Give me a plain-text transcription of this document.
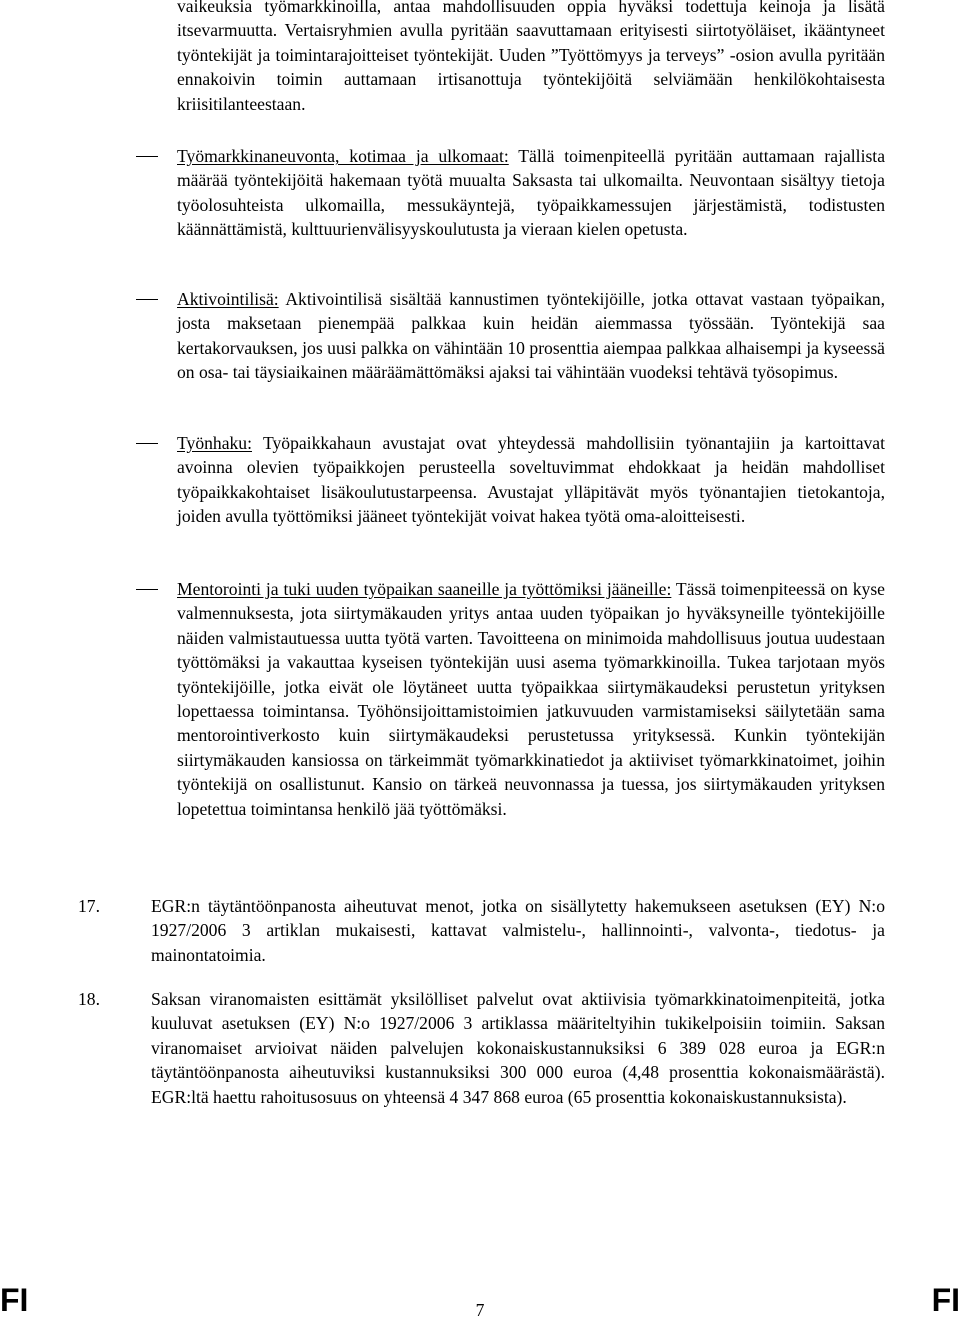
vaikeuksia työmarkkinoilla, antaa mahdollisuuden oppia hyväksi todettuja keinoja ja lisätä itsevarmuutta. Vertaisryhmien avulla pyritään saavuttamaan erityisesti siirtotyöläiset, ikääntyneet työntekijät ja toimintarajoitteiset työntekijät. Uuden ”Työttömyys ja terveys” -osion avulla pyritään ennakoivin toimin auttamaan irtisanottuja työntekijöitä selviämään henkilökohtaisesta kriisitilanteestaan.

Työmarkkinaneuvonta, kotimaa ja ulkomaat: Tällä toimenpiteellä pyritään auttamaan rajallista määrää työntekijöitä hakemaan työtä muualta Saksasta tai ulkomailta. Neuvontaan sisältyy tietoja työolosuhteista ulkomailla, messukäyntejä, työpaikkamessujen järjestämistä, todistusten käännättämistä, kulttuurienvälisyyskoulutusta ja vieraan kielen opetusta.

Aktivointilisä: Aktivointilisä sisältää kannustimen työntekijöille, jotka ottavat vastaan työpaikan, josta maksetaan pienempää palkkaa kuin heidän aiemmassa työssään. Työntekijä saa kertakorvauksen, jos uusi palkka on vähintään 10 prosenttia aiempaa palkkaa alhaisempi ja kyseessä on osa- tai täysiaikainen määräämättömäksi ajaksi tai vähintään vuodeksi tehtävä työsopimus.

Työnhaku: Työpaikkahaun avustajat ovat yhteydessä mahdollisiin työnantajiin ja kartoittavat avoinna olevien työpaikkojen perusteella soveltuvimmat ehdokkaat ja heidän mahdolliset työpaikkakohtaiset lisäkoulutustarpeensa. Avustajat ylläpitävät myös työnantajien tietokantoja, joiden avulla työttömiksi jääneet työntekijät voivat hakea työtä oma-aloitteisesti.

Mentorointi ja tuki uuden työpaikan saaneille ja työttömiksi jääneille: Tässä toimenpiteessä on kyse valmennuksesta, jota siirtymäkauden yritys antaa uuden työpaikan jo hyväksyneille työntekijöille näiden valmistautuessa uutta työtä varten. Tavoitteena on minimoida mahdollisuus joutua uudestaan työttömäksi ja vakauttaa kyseisen työntekijän uusi asema työmarkkinoilla. Tukea tarjotaan myös työntekijöille, jotka eivät ole löytäneet uutta työpaikkaa siirtymäkaudeksi perustetun yrityksen lopettaessa toimintansa. Työhönsijoittamistoimien jatkuvuuden varmistamiseksi säilytetään sama mentorointiverkosto kuin siirtymäkaudeksi perustetussa yrityksessä. Kunkin työntekijän siirtymäkauden kansiossa on tärkeimmät työmarkkinatiedot ja aktiiviset työmarkkinatoimet, joihin työntekijä on osallistunut. Kansio on tärkeä neuvonnassa ja tuessa, jos siirtymäkauden yrityksen lopetettua toimintansa henkilö jää työttömäksi.

17.	EGR:n täytäntöönpanosta aiheutuvat menot, jotka on sisällytetty hakemukseen asetuksen (EY) N:o 1927/2006 3 artiklan mukaisesti, kattavat valmistelu-, hallinnointi-, valvonta-, tiedotus- ja mainontatoimia.

18.	Saksan viranomaisten esittämät yksilölliset palvelut ovat aktiivisia työmarkkinatoimenpiteitä, jotka kuuluvat asetuksen (EY) N:o 1927/2006 3 artiklassa määriteltyihin tukikelpoisiin toimiin. Saksan viranomaiset arvioivat näiden palvelujen kokonaiskustannuksiksi 6 389 028 euroa ja EGR:n täytäntöönpanosta aiheutuviksi kustannuksiksi 300 000 euroa (4,48 prosenttia kokonaismäärästä). EGR:ltä haettu rahoitusosuus on yhteensä 4 347 868 euroa (65 prosenttia kokonaiskustannuksista).

FI	7	FI
